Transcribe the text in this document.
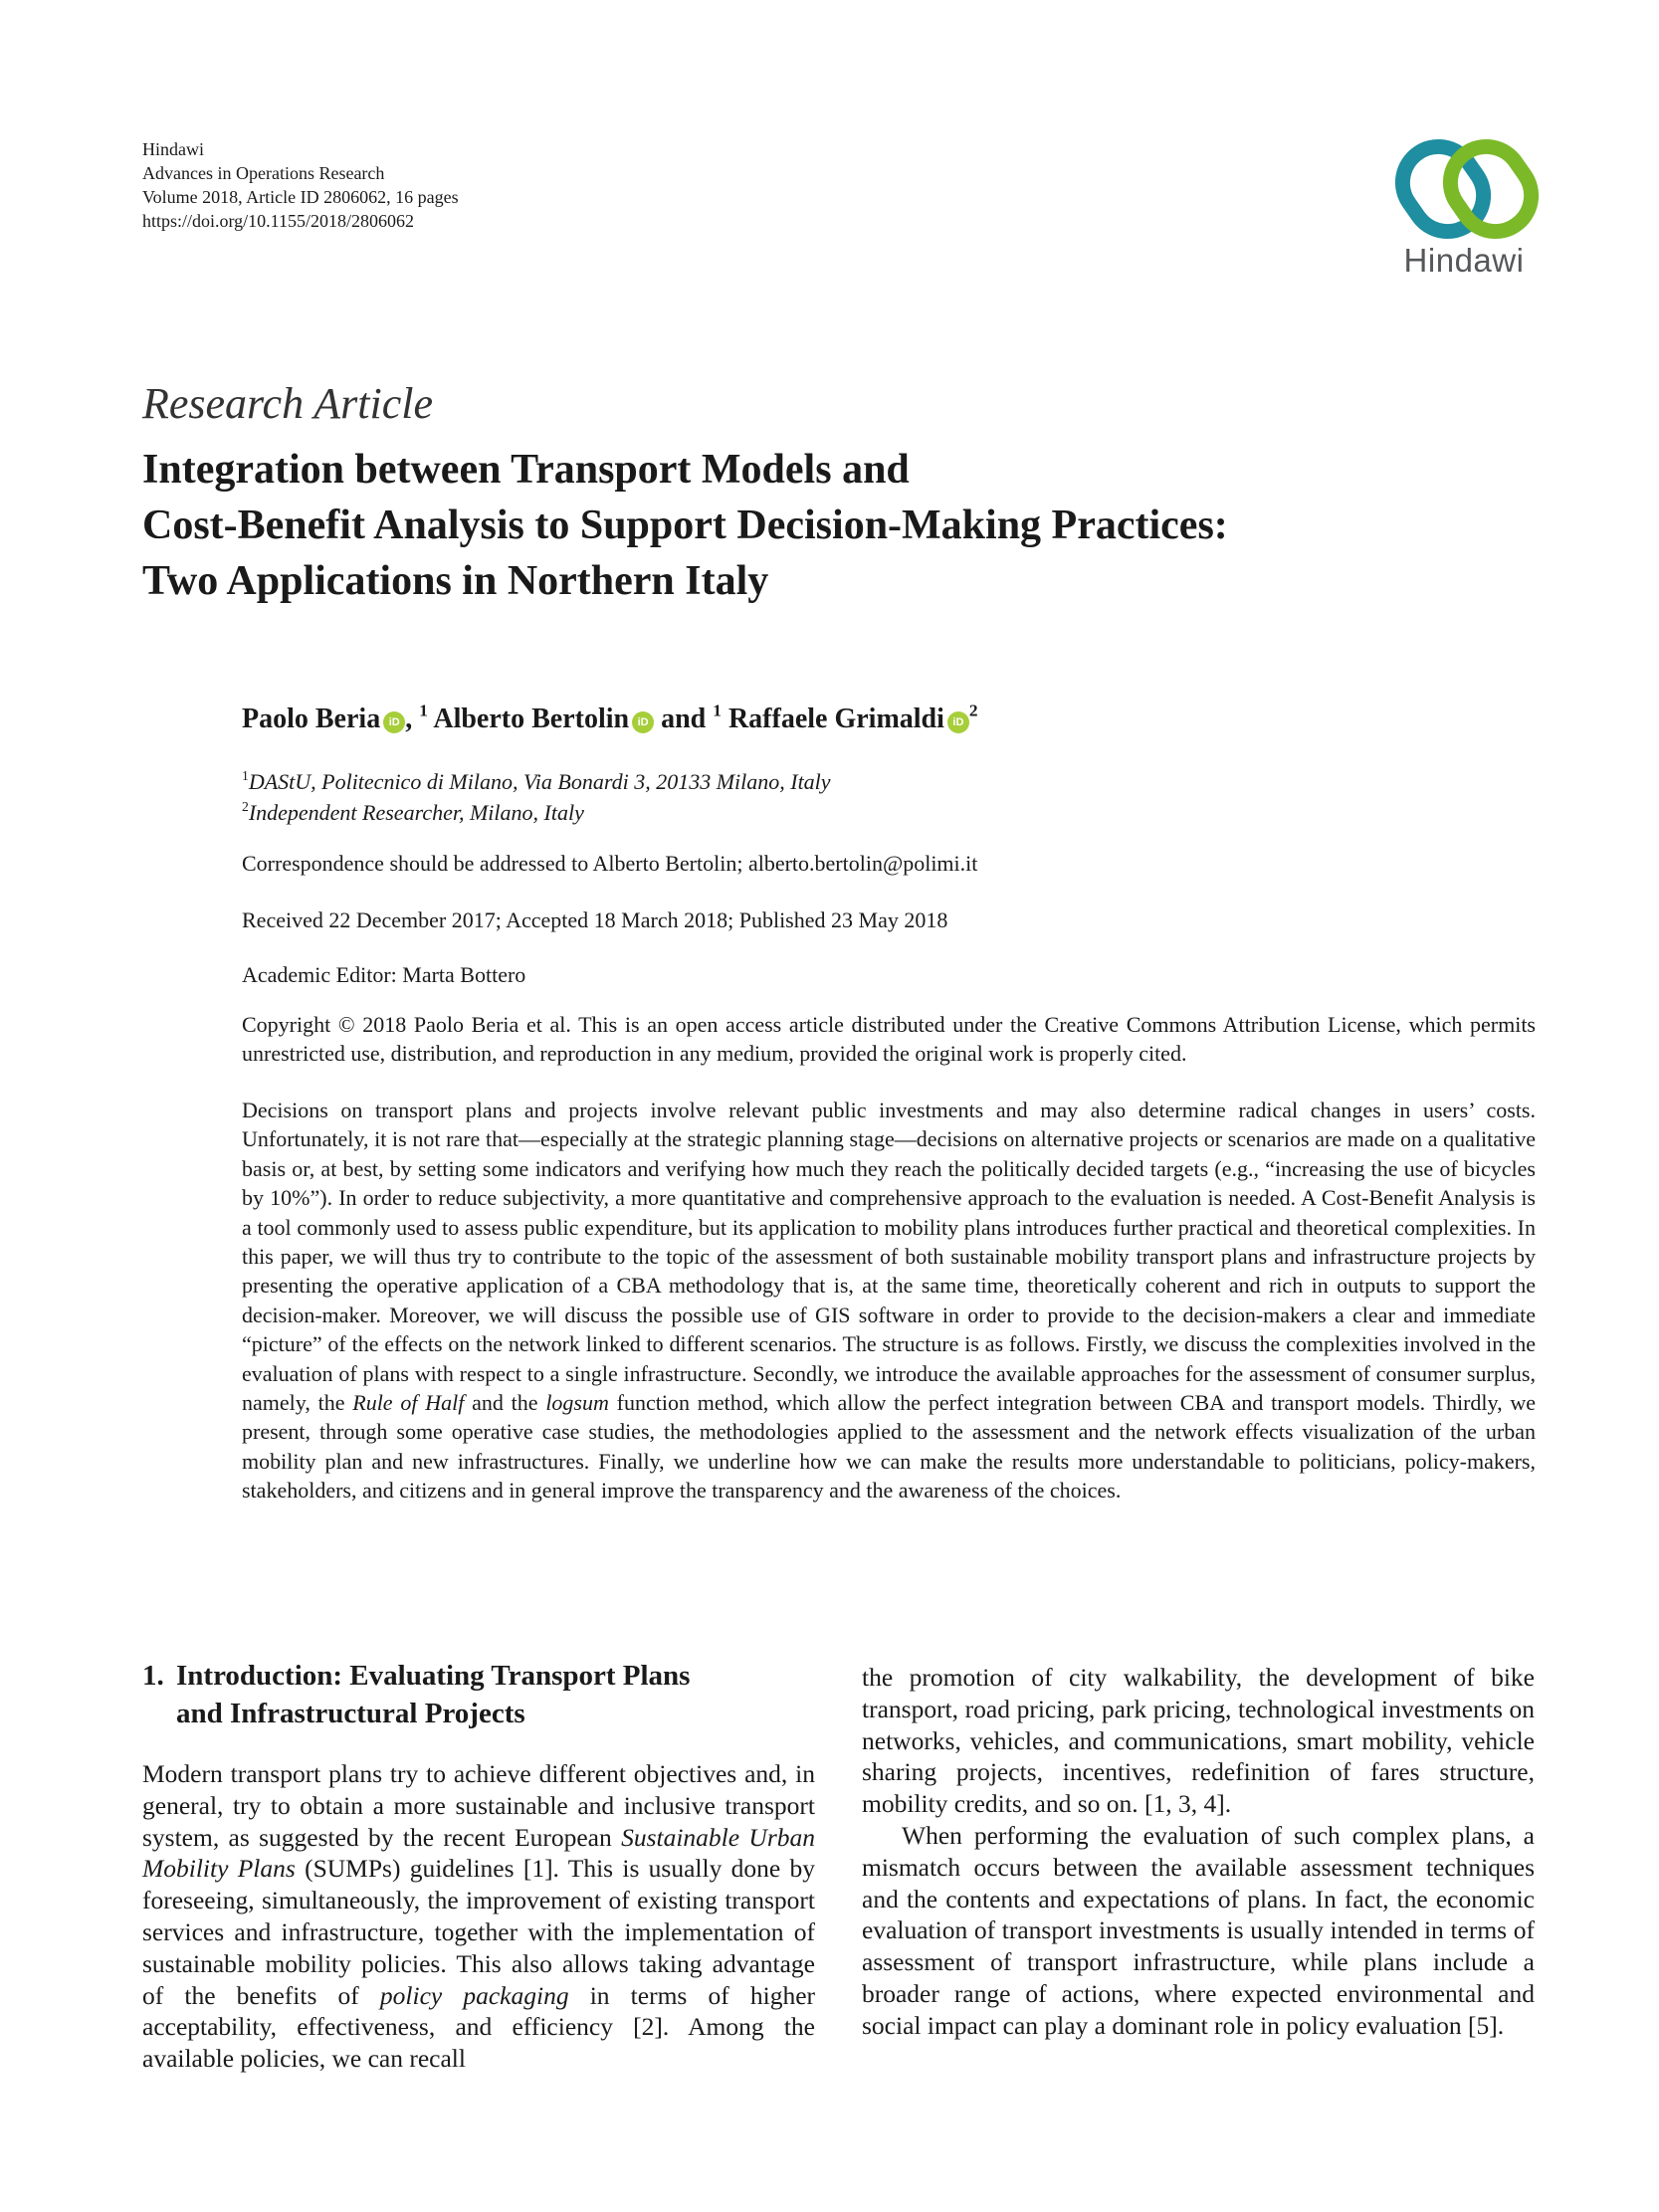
Hindawi
Advances in Operations Research
Volume 2018, Article ID 2806062, 16 pages
https://doi.org/10.1155/2018/2806062
Hindawi
Research Article
Integration between Transport Models and
Cost-Benefit Analysis to Support Decision-Making Practices:
Two Applications in Northern Italy
Paolo Beria iD , $^1$ Alberto Bertolin iD and $^1$ Raffaele Grimaldi $iD^2$
$^1$DAStU, Politecnico di Milano, Via Bonardi 3, 20133 Milano, Italy
$^2$Independent Researcher, Milano, Italy
Correspondence should be addressed to Alberto Bertolin; alberto.bertolin@polimi.it
Received 22 December 2017; Accepted 18 March 2018; Published 23 May 2018
Academic Editor: Marta Bottero
Copyright © 2018 Paolo Beria et al. This is an open access article distributed under the Creative Commons Attribution License, which permits unrestricted use, distribution, and reproduction in any medium, provided the original work is properly cited.
Decisions on transport plans and projects involve relevant public investments and may also determine radical changes in users’ costs. Unfortunately, it is not rare that—especially at the strategic planning stage—decisions on alternative projects or scenarios are made on a qualitative basis or, at best, by setting some indicators and verifying how much they reach the politically decided targets (e.g., “increasing the use of bicycles by 10%”). In order to reduce subjectivity, a more quantitative and comprehensive approach to the evaluation is needed. A Cost-Benefit Analysis is a tool commonly used to assess public expenditure, but its application to mobility plans introduces further practical and theoretical complexities. In this paper, we will thus try to contribute to the topic of the assessment of both sustainable mobility transport plans and infrastructure projects by presenting the operative application of a CBA methodology that is, at the same time, theoretically coherent and rich in outputs to support the decision-maker. Moreover, we will discuss the possible use of GIS software in order to provide to the decision-makers a clear and immediate “picture” of the effects on the network linked to different scenarios. The structure is as follows. Firstly, we discuss the complexities involved in the evaluation of plans with respect to a single infrastructure. Secondly, we introduce the available approaches for the assessment of consumer surplus, namely, the Rule of Half and the logsum function method, which allow the perfect integration between CBA and transport models. Thirdly, we present, through some operative case studies, the methodologies applied to the assessment and the network effects visualization of the urban mobility plan and new infrastructures. Finally, we underline how we can make the results more understandable to politicians, policy-makers, stakeholders, and citizens and in general improve the transparency and the awareness of the choices.
1. Introduction: Evaluating Transport Plans
and Infrastructural Projects

Modern transport plans try to achieve different objectives and, in general, try to obtain a more sustainable and inclusive transport system, as suggested by the recent European Sustainable Urban Mobility Plans (SUMPs) guidelines [1]. This is usually done by foreseeing, simultaneously, the improvement of existing transport services and infrastructure, together with the implementation of sustainable mobility policies. This also allows taking advantage of the benefits of policy packaging in terms of higher acceptability, effectiveness, and efficiency [2]. Among the available policies, we can recall

the promotion of city walkability, the development of bike transport, road pricing, park pricing, technological investments on networks, vehicles, and communications, smart mobility, vehicle sharing projects, incentives, redefinition of fares structure, mobility credits, and so on. [1, 3, 4].

When performing the evaluation of such complex plans, a mismatch occurs between the available assessment techniques and the contents and expectations of plans. In fact, the economic evaluation of transport investments is usually intended in terms of assessment of transport infrastructure, while plans include a broader range of actions, where expected environmental and social impact can play a dominant role in policy evaluation [5].
